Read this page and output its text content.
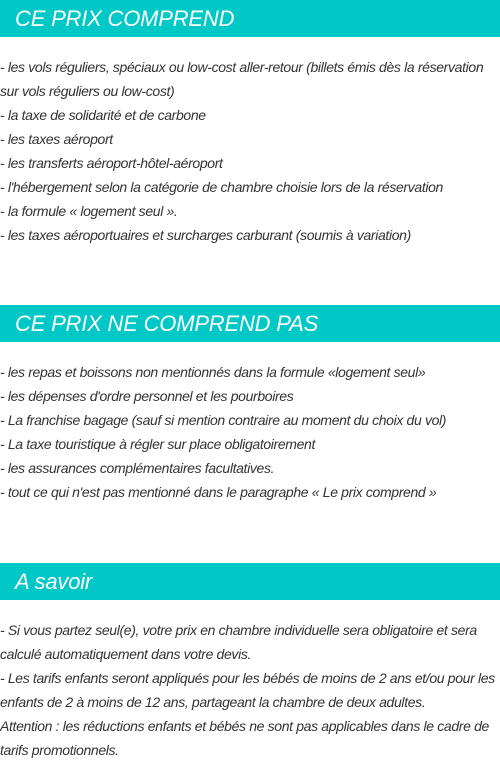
CE PRIX COMPREND
- les vols réguliers, spéciaux ou low-cost aller-retour (billets émis dès la réservation sur vols réguliers ou low-cost)
- la taxe de solidarité et de carbone
- les taxes aéroport
- les transferts aéroport-hôtel-aéroport
- l'hébergement selon la catégorie de chambre choisie lors de la réservation
- la formule « logement seul ».
- les taxes aéroportuaires et surcharges carburant (soumis à variation)
CE PRIX NE COMPREND PAS
- les repas et boissons non mentionnés dans la formule «logement seul»
- les dépenses d'ordre personnel et les pourboires
- La franchise bagage (sauf si mention contraire au moment du choix du vol)
- La taxe touristique à régler sur place obligatoirement
- les assurances complémentaires facultatives.
- tout ce qui n'est pas mentionné dans le paragraphe « Le prix comprend »
A savoir
- Si vous partez seul(e), votre prix en chambre individuelle sera obligatoire et sera calculé automatiquement dans votre devis.
- Les tarifs enfants seront appliqués pour les bébés de moins de 2 ans et/ou pour les enfants de 2 à moins de 12 ans, partageant la chambre de deux adultes.
Attention : les réductions enfants et bébés ne sont pas applicables dans le cadre de tarifs promotionnels.
